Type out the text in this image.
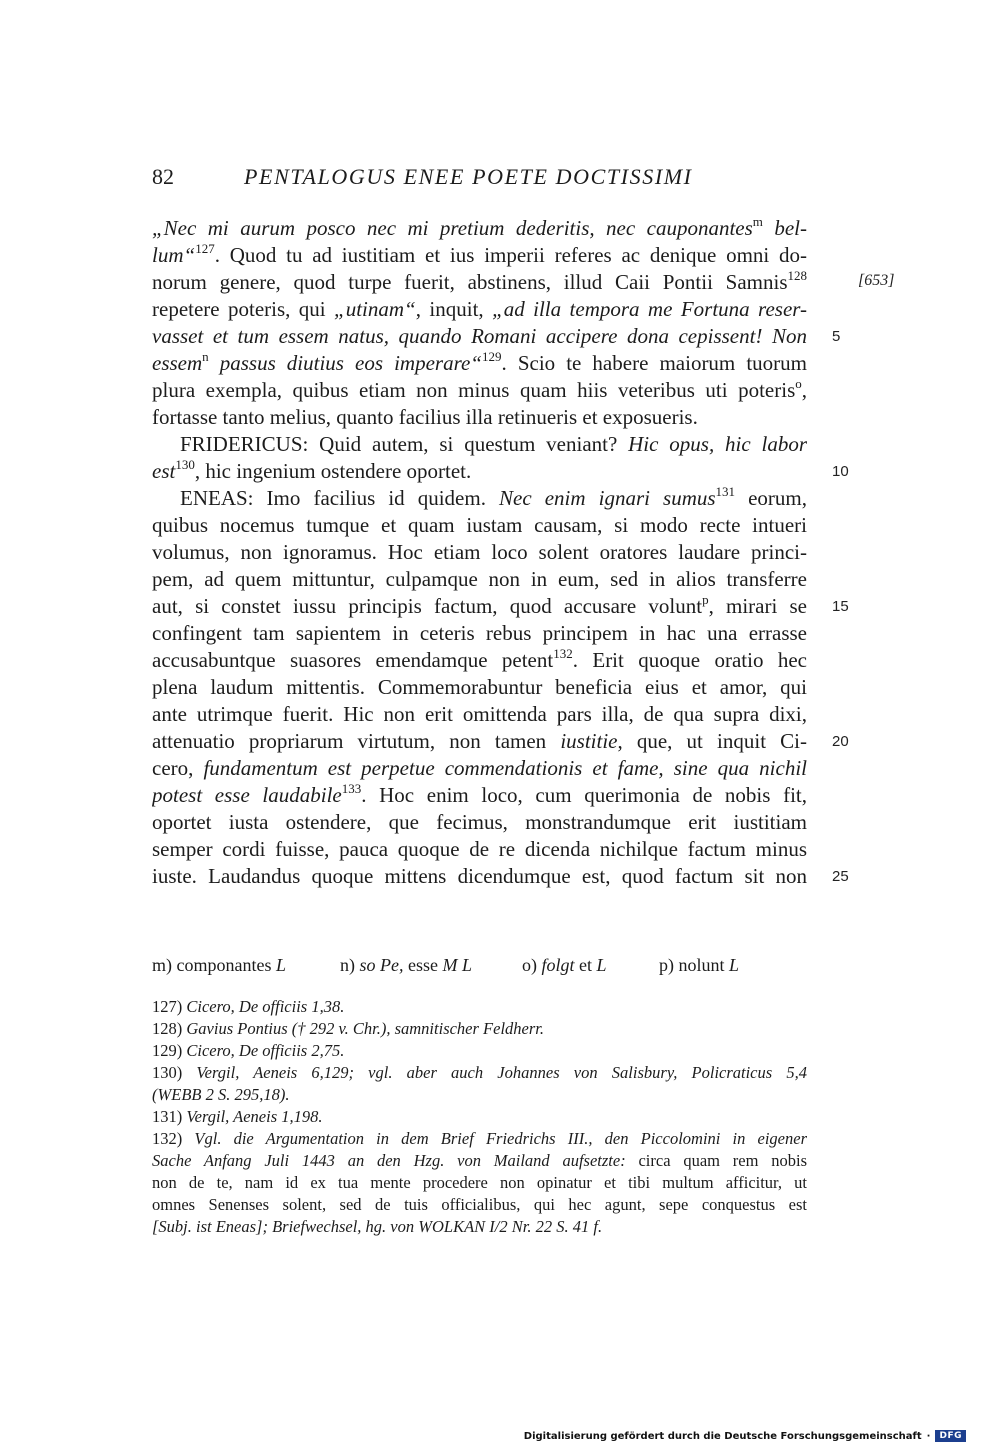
82	PENTALOGUS ENEE POETE DOCTISSIMI
„Nec mi aurum posco nec mi pretium dederitis, nec cauponantes$^m$ bel-
lum“$^{127}$. Quod tu ad iustitiam et ius imperii referes ac denique omni do-
norum genere, quod turpe fuerit, abstinens, illud Caii Pontii Samnis$^{128}$
repetere poteris, qui „utinam“, inquit, „ad illa tempora me Fortuna reser-
vasset et tum essem natus, quando Romani accipere dona cepissent! Non
essem$^n$ passus diutius eos imperare“$^{129}$. Scio te habere maiorum tuorum
plura exempla, quibus etiam non minus quam hiis veteribus uti poteris$^o$,
fortasse tanto melius, quanto facilius illa retinueris et exposueris.
FRIDERICUS: Quid autem, si questum veniant? Hic opus, hic labor
est$^{130}$, hic ingenium ostendere oportet.
ENEAS: Imo facilius id quidem. Nec enim ignari sumus$^{131}$ eorum,
quibus nocemus tumque et quam iustam causam, si modo recte intueri
volumus, non ignoramus. Hoc etiam loco solent oratores laudare princi-
pem, ad quem mittuntur, culpamque non in eum, sed in alios transferre
aut, si constet iussu principis factum, quod accusare volunt$^p$, mirari se
confingent tam sapientem in ceteris rebus principem in hac una errasse
accusabuntque suasores emendamque petent$^{132}$. Erit quoque oratio hec
plena laudum mittentis. Commemorabuntur beneficia eius et amor, qui
ante utrimque fuerit. Hic non erit omittenda pars illa, de qua supra dixi,
attenuatio propriarum virtutum, non tamen iustitie, que, ut inquit Ci-
cero, fundamentum est perpetue commendationis et fame, sine qua nichil
potest esse laudabile$^{133}$. Hoc enim loco, cum querimonia de nobis fit,
oportet iusta ostendere, que fecimus, monstrandumque erit iustitiam
semper cordi fuisse, pauca quoque de re dicenda nichilque factum minus
iuste. Laudandus quoque mittens dicendumque est, quod factum sit non
[653]
5
10
15
20
25
m) componantes L	n) so Pe, esse M L	o) folgt et L	p) nolunt L
127) Cicero, De officiis 1,38.
128) Gavius Pontius († 292 v. Chr.), samnitischer Feldherr.
129) Cicero, De officiis 2,75.
130) Vergil, Aeneis 6,129; vgl. aber auch Johannes von Salisbury, Policraticus 5,4
(WEBB 2 S. 295,18).
131) Vergil, Aeneis 1,198.
132) Vgl. die Argumentation in dem Brief Friedrichs III., den Piccolomini in eigener
Sache Anfang Juli 1443 an den Hzg. von Mailand aufsetzte: circa quam rem nobis
non de te, nam id ex tua mente procedere non opinatur et tibi multum afficitur, ut
omnes Senenses solent, sed de tuis officialibus, qui hec agunt, sepe conquestus est
[Subj. ist Eneas]; Briefwechsel, hg. von WOLKAN I/2 Nr. 22 S. 41 f.
Digitalisierung gefördert durch die Deutsche Forschungsgemeinschaft ·	DFG
